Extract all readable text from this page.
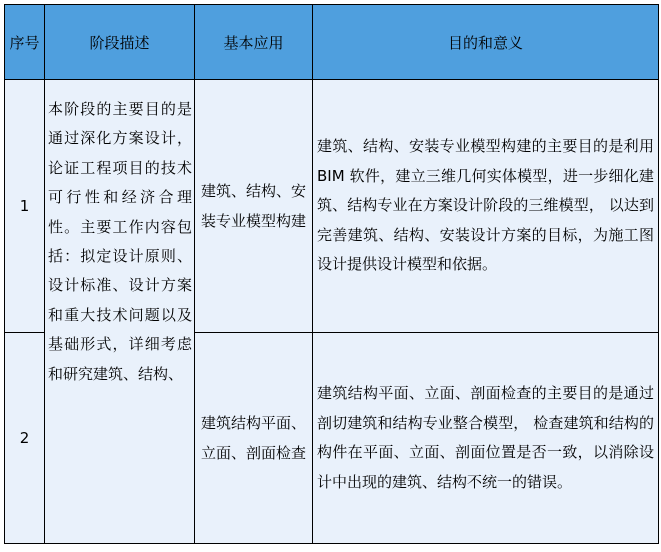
序号	阶段描述	基本应用	目的和意义
1	本阶段的主要目的是通过深化方案设计，论证工程项目的技术可行性和经济合理性。主要工作内容包括：拟定设计原则、设计标准、设计方案和重大技术问题以及基础形式，详细考虑和研究建筑、结构、	建筑、结构、安装专业模型构建	建筑、结构、安装专业模型构建的主要目的是利用 BIM 软件，建立三维几何实体模型，进一步细化建筑、结构专业在方案设计阶段的三维模型， 以达到完善建筑、结构、安装设计方案的目标，为施工图设计提供设计模型和依据。
2		建筑结构平面、立面、剖面检查	建筑结构平面、立面、剖面检查的主要目的是通过剖切建筑和结构专业整合模型， 检查建筑和结构的构件在平面、立面、剖面位置是否一致，以消除设计中出现的建筑、结构不统一的错误。
